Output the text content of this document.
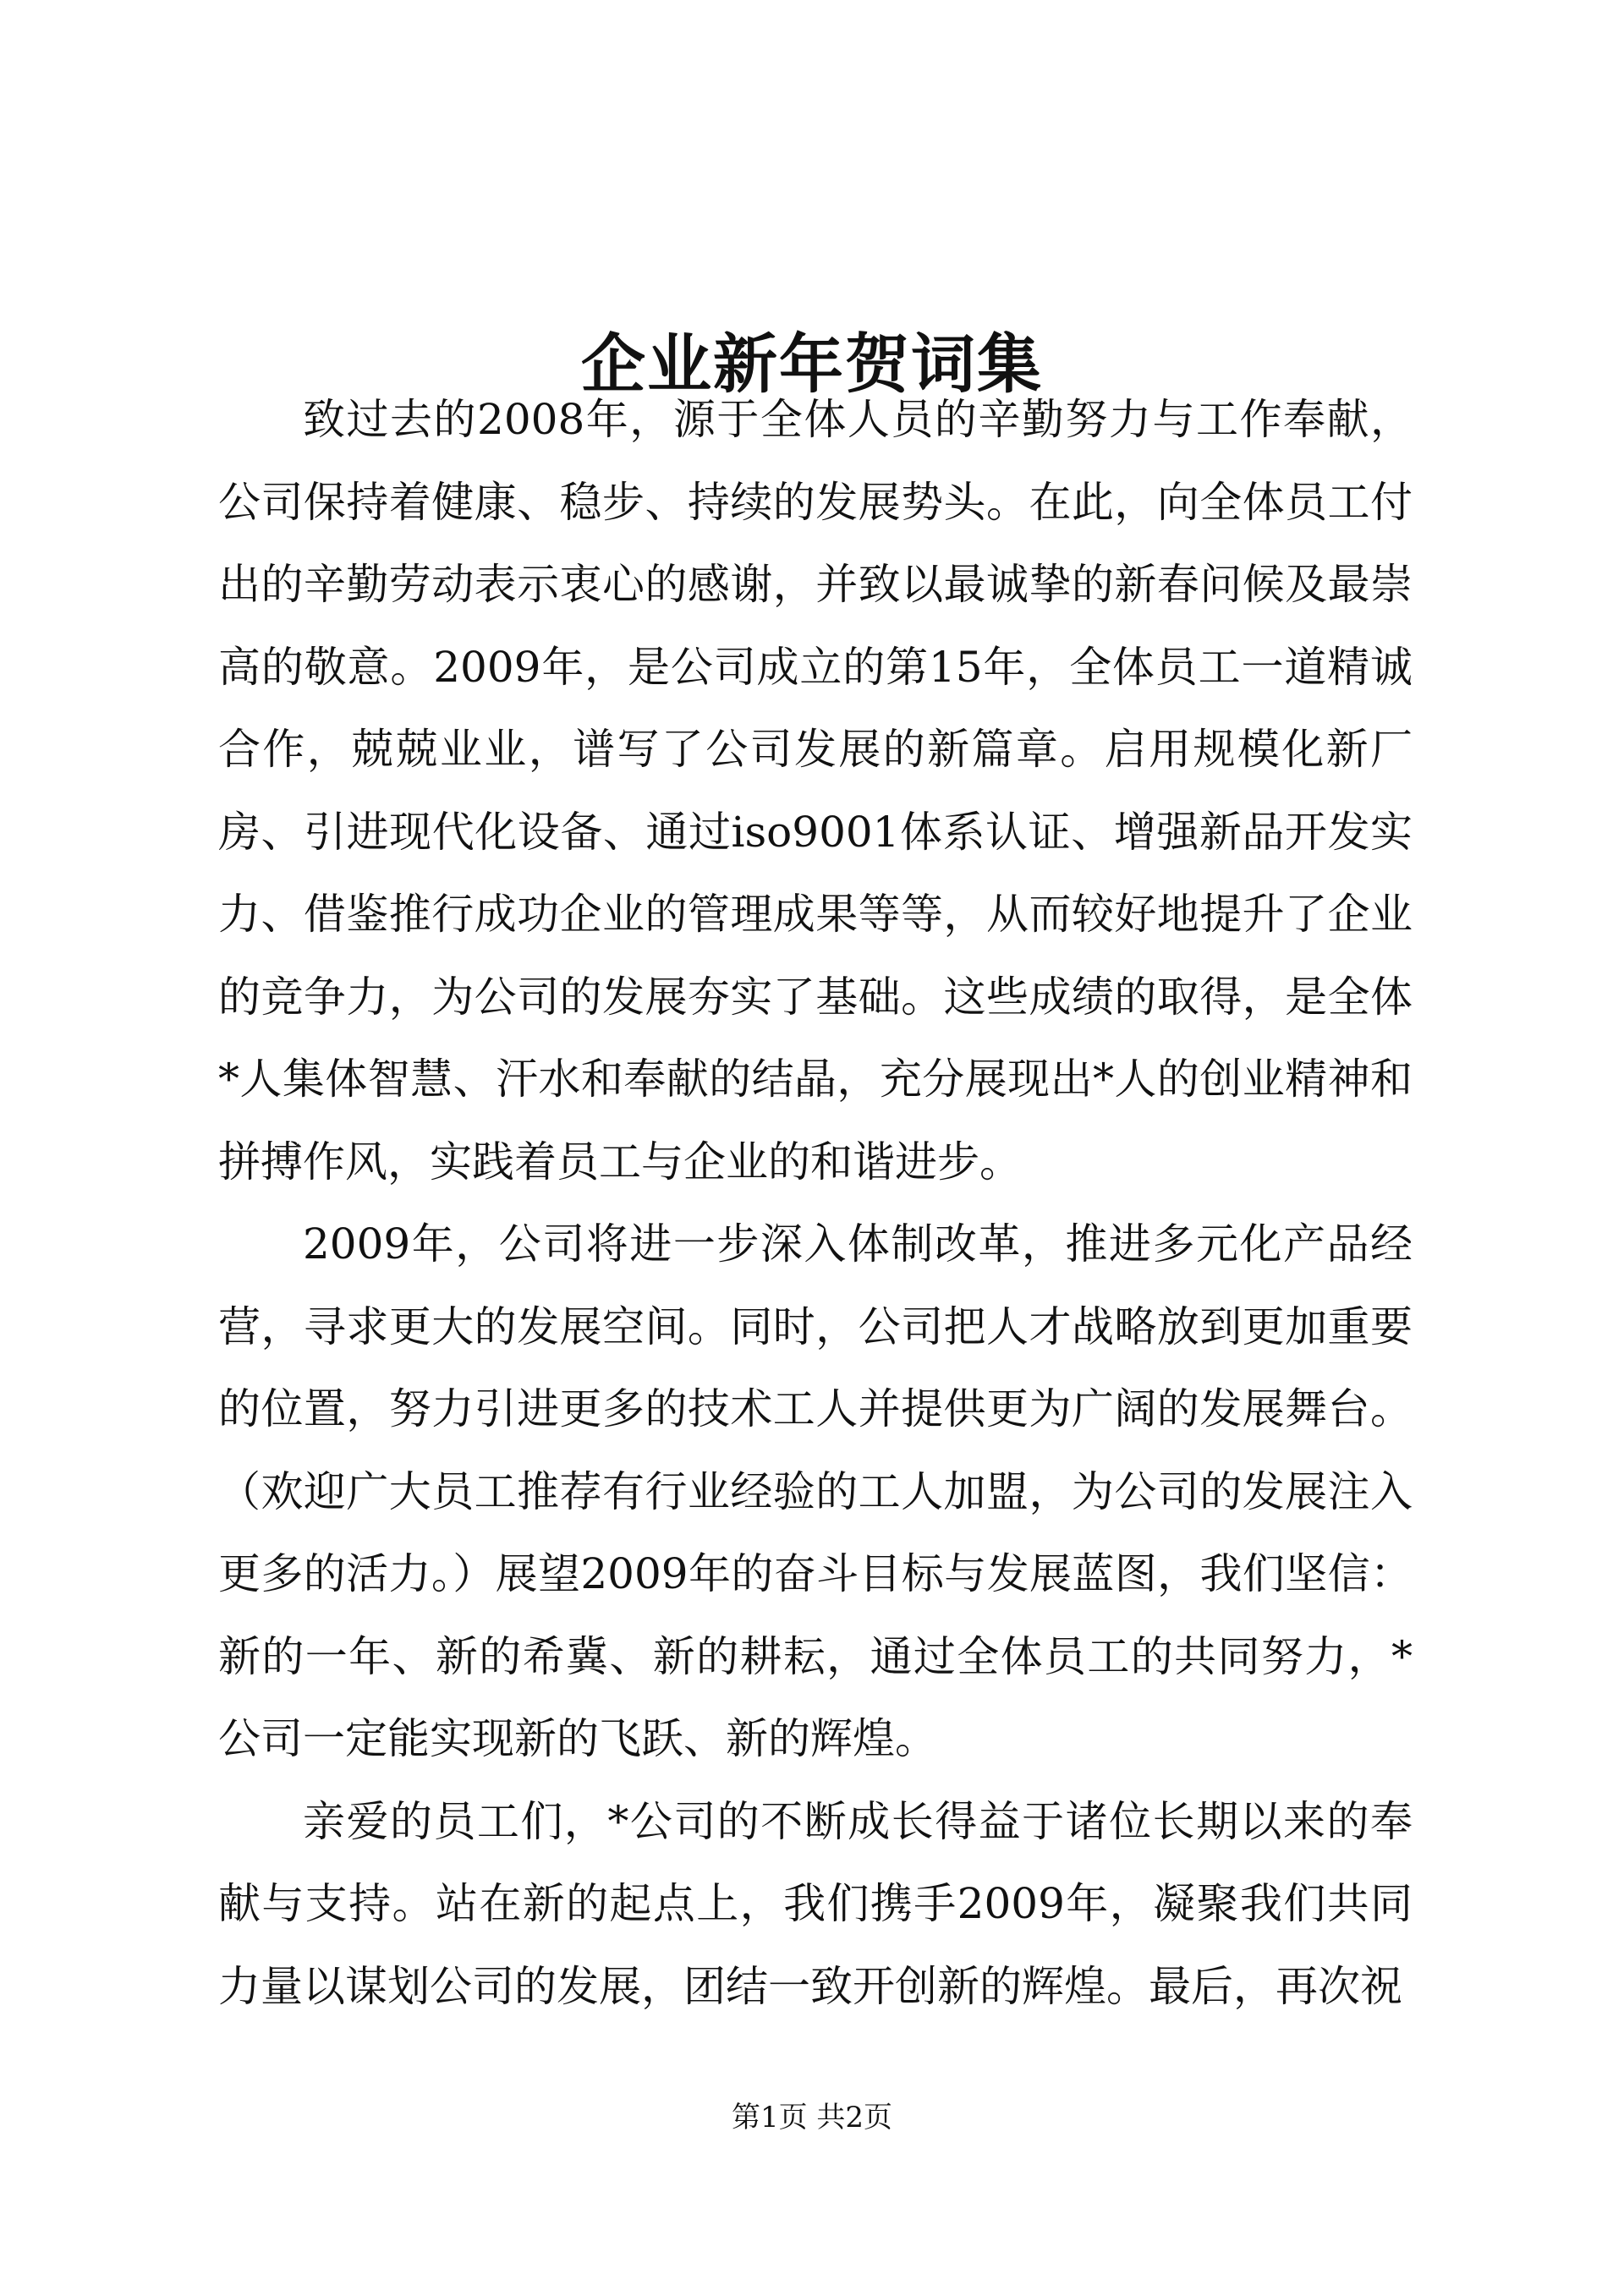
企业新年贺词集

致过去的2008年，源于全体人员的辛勤努力与工作奉献，公司保持着健康、稳步、持续的发展势头。在此，向全体员工付出的辛勤劳动表示衷心的感谢，并致以最诚挚的新春问候及最崇高的敬意。2009年，是公司成立的第15年，全体员工一道精诚合作，兢兢业业，谱写了公司发展的新篇章。启用规模化新厂房、引进现代化设备、通过iso9001体系认证、增强新品开发实力、借鉴推行成功企业的管理成果等等，从而较好地提升了企业的竞争力，为公司的发展夯实了基础。这些成绩的取得，是全体*人集体智慧、汗水和奉献的结晶，充分展现出*人的创业精神和拼搏作风，实践着员工与企业的和谐进步。

2009年，公司将进一步深入体制改革，推进多元化产品经营，寻求更大的发展空间。同时，公司把人才战略放到更加重要的位置，努力引进更多的技术工人并提供更为广阔的发展舞台。（欢迎广大员工推荐有行业经验的工人加盟，为公司的发展注入更多的活力。）展望2009年的奋斗目标与发展蓝图，我们坚信：新的一年、新的希冀、新的耕耘，通过全体员工的共同努力，*公司一定能实现新的飞跃、新的辉煌。

亲爱的员工们，*公司的不断成长得益于诸位长期以来的奉献与支持。站在新的起点上，我们携手2009年，凝聚我们共同力量以谋划公司的发展，团结一致开创新的辉煌。最后，再次祝

第1页 共2页
